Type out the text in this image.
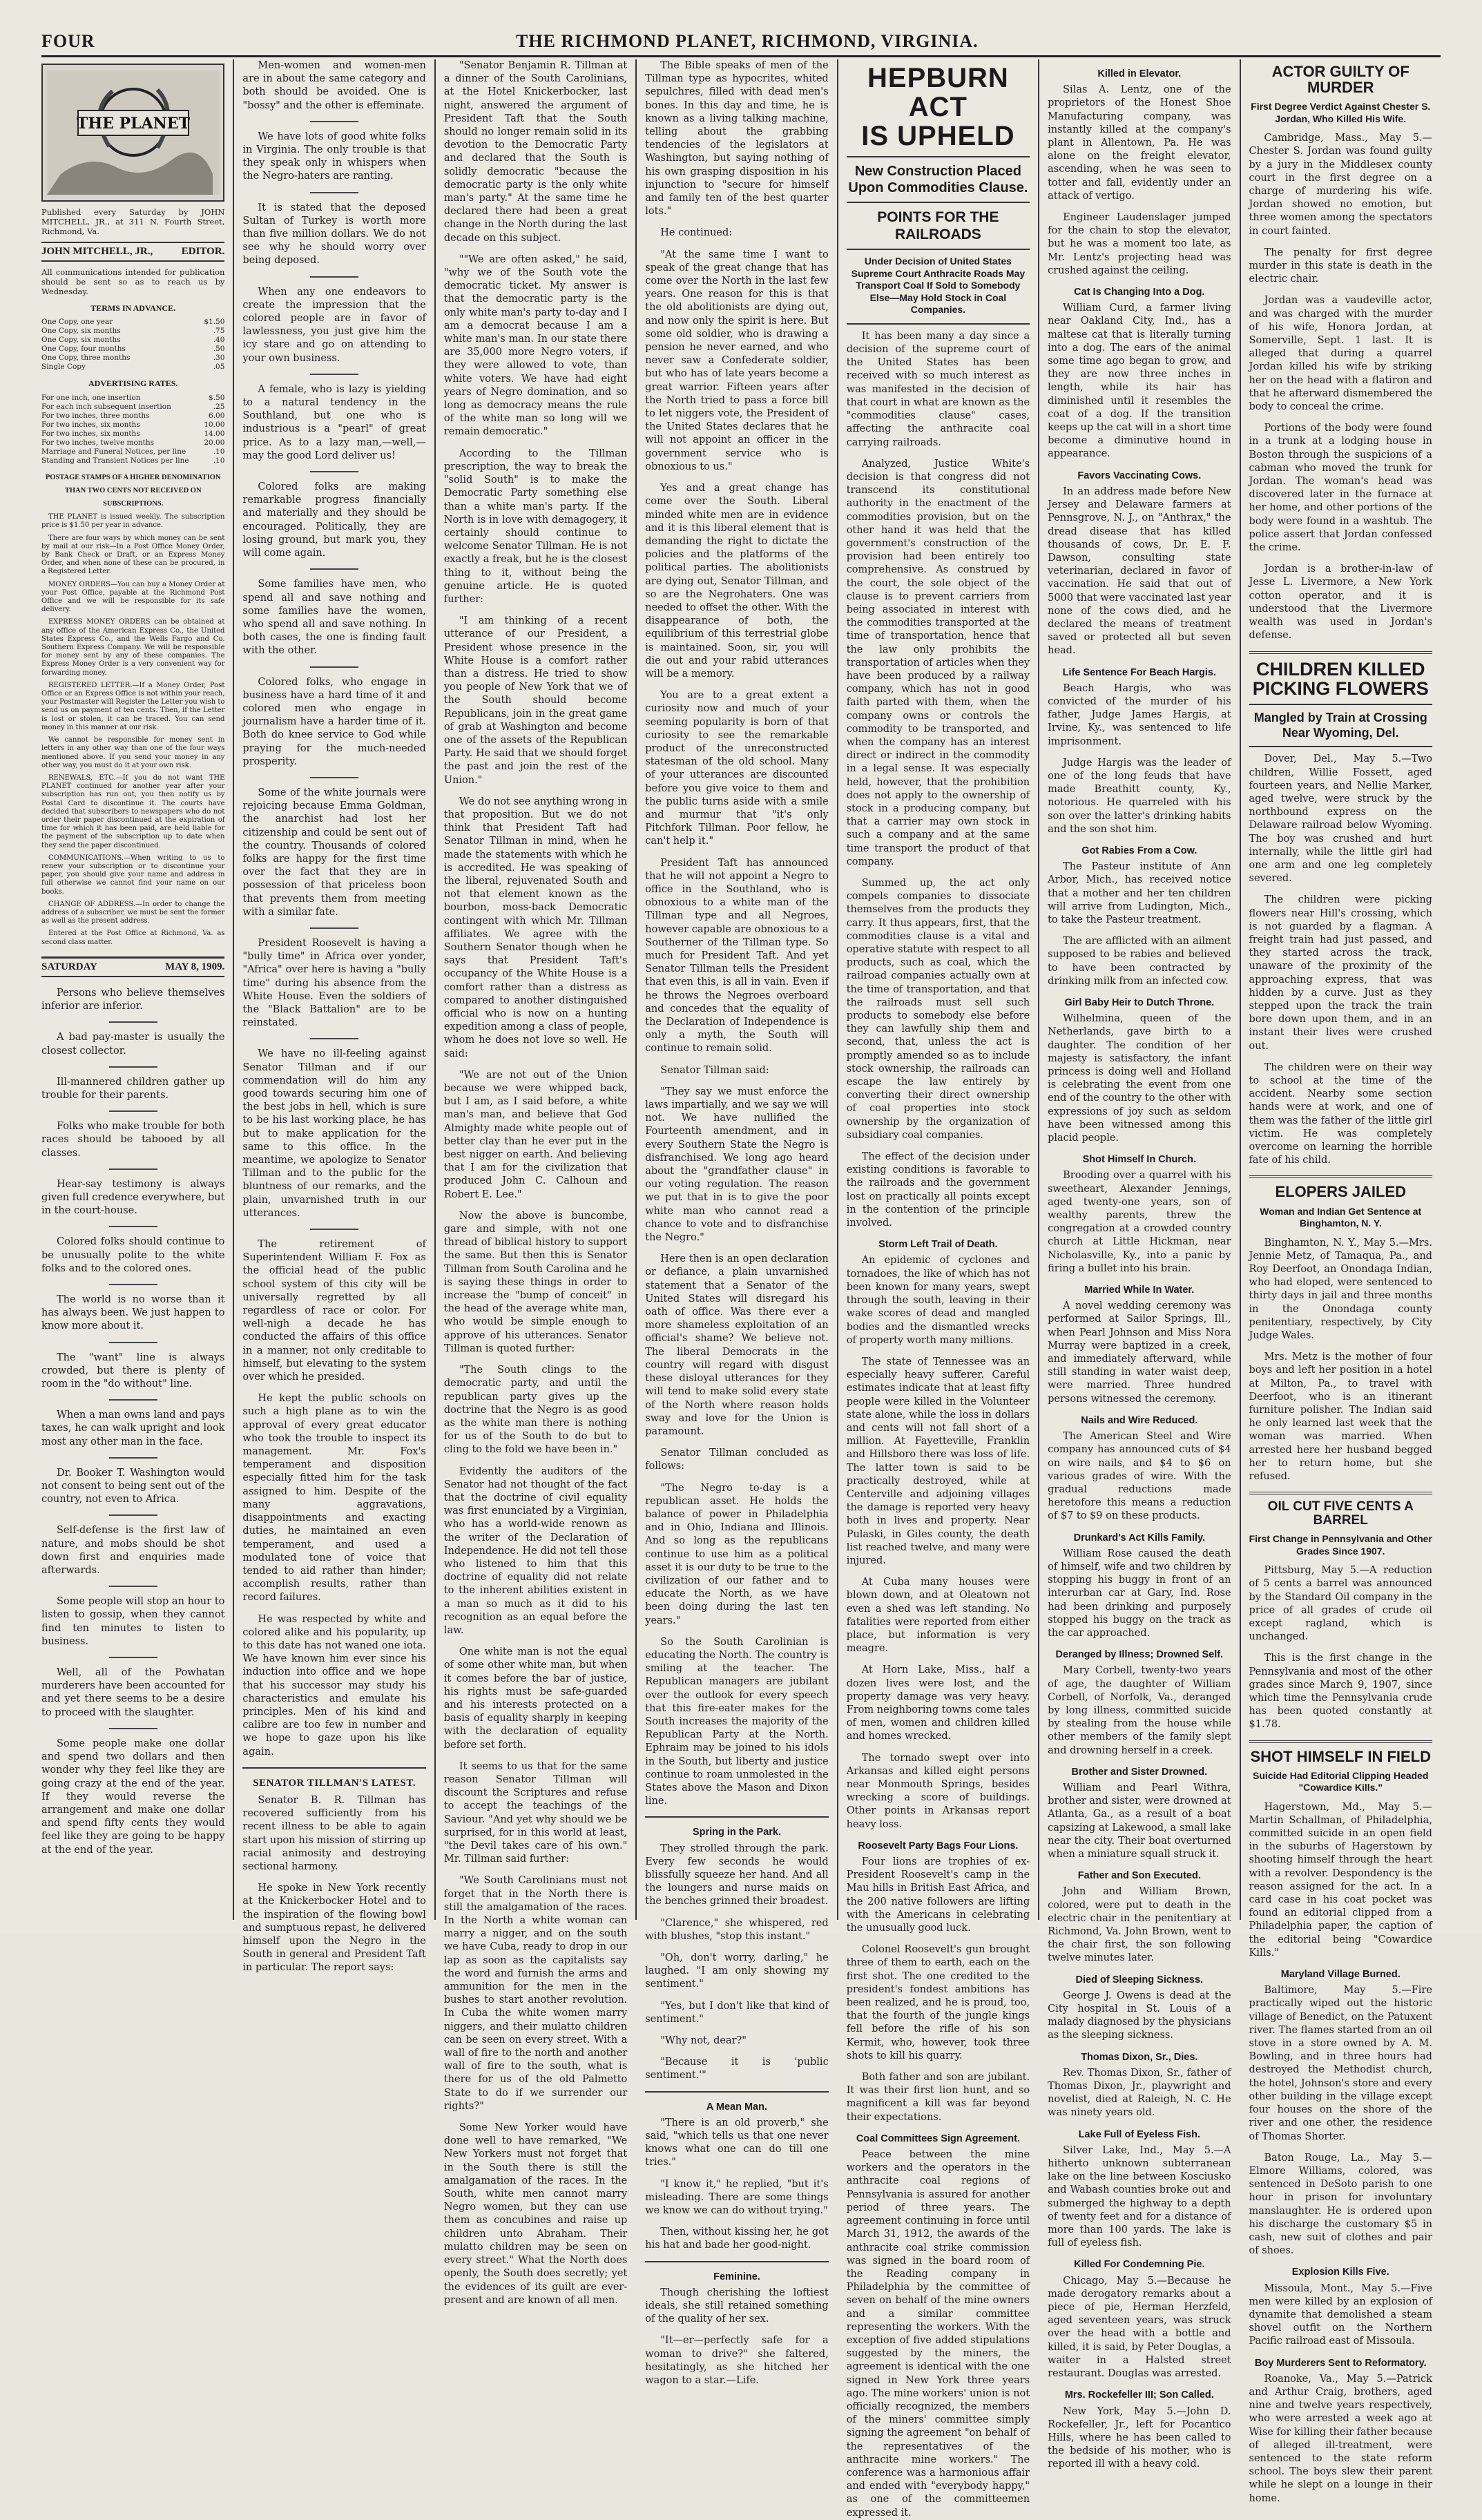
FOUR	THE RICHMOND PLANET, RICHMOND, VIRGINIA.
THE PLANET
Published every Saturday by JOHN MITCHELL, JR., at 311 N. Fourth Street, Richmond, Va.
JOHN MITCHELL, JR.,	EDITOR.
All communications intended for publication should be sent so as to reach us by Wednesday.
TERMS IN ADVANCE.
One Copy, one year	$1.50
One Copy, six months	.75
One Copy, six months	.40
One Copy, four months	.50
One Copy, three months	.30
Single Copy	.05
ADVERTISING RATES.
For one inch, one insertion	$.50
For each inch subsequent insertion	.25
For two inches, three months	6.00
For two inches, six months	10.00
For two inches, six months	14.00
For two inches, twelve months	20.00
Marriage and Funeral Notices, per line	.10
Standing and Transient Notices per line	.10
POSTAGE STAMPS OF A HIGHER DENOMINATION THAN TWO CENTS NOT RECEIVED ON SUBSCRIPTIONS.

THE PLANET is issued weekly. The subscription price is $1.50 per year in advance.

There are four ways by which money can be sent by mail at our risk—In a Post Office Money Order, by Bank Check or Draft, or an Express Money Order, and when none of these can be procured, in a Registered Letter.

MONEY ORDERS—You can buy a Money Order at your Post Office, payable at the Richmond Post Office and we will be responsible for its safe delivery.

EXPRESS MONEY ORDERS can be obtained at any office of the American Express Co., the United States Express Co., and the Wells Fargo and Co. Southern Express Company. We will be responsible for money sent by any of these companies. The Express Money Order is a very convenient way for forwarding money.

REGISTERED LETTER.—If a Money Order, Post Office or an Express Office is not within your reach, your Postmaster will Register the Letter you wish to send us on payment of ten cents. Then, if the Letter is lost or stolen, it can be traced. You can send money in this manner at our risk.

We cannot be responsible for money sent in letters in any other way than one of the four ways mentioned above. If you send your money in any other way, you must do it at your own risk.

RENEWALS, ETC.—If you do not want THE PLANET continued for another year after your subscription has run out, you then notify us by Postal Card to discontinue it. The courts have decided that subscribers to newspapers who do not order their paper discontinued at the expiration of time for which it has been paid, are held liable for the payment of the subscription up to date when they send the paper discontinued.

COMMUNICATIONS.—When writing to us to renew your subscription or to discontinue your paper, you should give your name and address in full otherwise we cannot find your name on our books.

CHANGE OF ADDRESS.—In order to change the address of a subscriber, we must be sent the former as well as the present address.

Entered at the Post Office at Richmond, Va. as second class matter.

SATURDAY	MAY 8, 1909.

Persons who believe themselves inferior are inferior.

A bad pay-master is usually the closest collector.

Ill-mannered children gather up trouble for their parents.

Folks who make trouble for both races should be tabooed by all classes.

Hear-say testimony is always given full credence everywhere, but in the court-house.

Colored folks should continue to be unusually polite to the white folks and to the colored ones.

The world is no worse than it has always been. We just happen to know more about it.

The "want" line is always crowded, but there is plenty of room in the "do without" line.

When a man owns land and pays taxes, he can walk upright and look most any other man in the face.

Dr. Booker T. Washington would not consent to being sent out of the country, not even to Africa.

Self-defense is the first law of nature, and mobs should be shot down first and enquiries made afterwards.

Some people will stop an hour to listen to gossip, when they cannot find ten minutes to listen to business.

Well, all of the Powhatan murderers have been accounted for and yet there seems to be a desire to proceed with the slaughter.

Some people make one dollar and spend two dollars and then wonder why they feel like they are going crazy at the end of the year. If they would reverse the arrangement and make one dollar and spend fifty cents they would feel like they are going to be happy at the end of the year.

Men-women and women-men are in about the same category and both should be avoided. One is "bossy" and the other is effeminate.

We have lots of good white folks in Virginia. The only trouble is that they speak only in whispers when the Negro-haters are ranting.

It is stated that the deposed Sultan of Turkey is worth more than five million dollars. We do not see why he should worry over being deposed.

When any one endeavors to create the impression that the colored people are in favor of lawlessness, you just give him the icy stare and go on attending to your own business.

A female, who is lazy is yielding to a natural tendency in the Southland, but one who is industrious is a "pearl" of great price. As to a lazy man,—well,—may the good Lord deliver us!

Colored folks are making remarkable progress financially and materially and they should be encouraged. Politically, they are losing ground, but mark you, they will come again.

Some families have men, who spend all and save nothing and some families have the women, who spend all and save nothing. In both cases, the one is finding fault with the other.

Colored folks, who engage in business have a hard time of it and colored men who engage in journalism have a harder time of it. Both do knee service to God while praying for the much-needed prosperity.

Some of the white journals were rejoicing because Emma Goldman, the anarchist had lost her citizenship and could be sent out of the country. Thousands of colored folks are happy for the first time over the fact that they are in possession of that priceless boon that prevents them from meeting with a similar fate.

President Roosevelt is having a "bully time" in Africa over yonder, "Africa" over here is having a "bully time" during his absence from the White House. Even the soldiers of the "Black Battalion" are to be reinstated.

We have no ill-feeling against Senator Tillman and if our commendation will do him any good towards securing him one of the best jobs in hell, which is sure to be his last working place, he has but to make application for the same to this office. In the meantime, we apologize to Senator Tillman and to the public for the bluntness of our remarks, and the plain, unvarnished truth in our utterances.

The retirement of Superintendent William F. Fox as the official head of the public school system of this city will be universally regretted by all regardless of race or color. For well-nigh a decade he has conducted the affairs of this office in a manner, not only creditable to himself, but elevating to the system over which he presided.

He kept the public schools on such a high plane as to win the approval of every great educator who took the trouble to inspect its management. Mr. Fox's temperament and disposition especially fitted him for the task assigned to him. Despite of the many aggravations, disappointments and exacting duties, he maintained an even temperament, and used a modulated tone of voice that tended to aid rather than hinder; accomplish results, rather than record failures.

He was respected by white and colored alike and his popularity, up to this date has not waned one iota. We have known him ever since his induction into office and we hope that his successor may study his characteristics and emulate his principles. Men of his kind and calibre are too few in number and we hope to gaze upon his like again.

SENATOR TILLMAN'S LATEST.

Senator B. R. Tillman has recovered sufficiently from his recent illness to be able to again start upon his mission of stirring up racial animosity and destroying sectional harmony.

He spoke in New York recently at the Knickerbocker Hotel and to the inspiration of the flowing bowl and sumptuous repast, he delivered himself upon the Negro in the South in general and President Taft in particular. The report says:

"Senator Benjamin R. Tillman at a dinner of the South Carolinians, at the Hotel Knickerbocker, last night, answered the argument of President Taft that the South should no longer remain solid in its devotion to the Democratic Party and declared that the South is solidly democratic "because the democratic party is the only white man's party." At the same time he declared there had been a great change in the North during the last decade on this subject.

""We are often asked," he said, "why we of the South vote the democratic ticket. My answer is that the democratic party is the only white man's party to-day and I am a democrat because I am a white man's man. In our state there are 35,000 more Negro voters, if they were allowed to vote, than white voters. We have had eight years of Negro domination, and so long as democracy means the rule of the white man so long will we remain democratic."

According to the Tillman prescription, the way to break the "solid South" is to make the Democratic Party something else than a white man's party. If the North is in love with demagogery, it certainly should continue to welcome Senator Tillman. He is not exactly a freak, but he is the closest thing to it, without being the genuine article. He is quoted further:

"I am thinking of a recent utterance of our President, a President whose presence in the White House is a comfort rather than a distress. He tried to show you people of New York that we of the South should become Republicans, join in the great game of grab at Washington and become one of the assets of the Republican Party. He said that we should forget the past and join the rest of the Union."

We do not see anything wrong in that proposition. But we do not think that President Taft had Senator Tillman in mind, when he made the statements with which he is accredited. He was speaking of the liberal, rejuvenated South and not that element known as the bourbon, moss-back Democratic contingent with which Mr. Tillman affiliates. We agree with the Southern Senator though when he says that President Taft's occupancy of the White House is a comfort rather than a distress as compared to another distinguished official who is now on a hunting expedition among a class of people, whom he does not love so well. He said:

"We are not out of the Union because we were whipped back, but I am, as I said before, a white man's man, and believe that God Almighty made white people out of better clay than he ever put in the best nigger on earth. And believing that I am for the civilization that produced John C. Calhoun and Robert E. Lee."

Now the above is buncombe, gare and simple, with not one thread of biblical history to support the same. But then this is Senator Tillman from South Carolina and he is saying these things in order to increase the "bump of conceit" in the head of the average white man, who would be simple enough to approve of his utterances. Senator Tillman is quoted further:

"The South clings to the democratic party, and until the republican party gives up the doctrine that the Negro is as good as the white man there is nothing for us of the South to do but to cling to the fold we have been in."

Evidently the auditors of the Senator had not thought of the fact that the doctrine of civil equality was first enunciated by a Virginian, who has a world-wide renown as the writer of the Declaration of Independence. He did not tell those who listened to him that this doctrine of equality did not relate to the inherent abilities existent in a man so much as it did to his recognition as an equal before the law.

One white man is not the equal of some other white man, but when it comes before the bar of justice, his rights must be safe-guarded and his interests protected on a basis of equality sharply in keeping with the declaration of equality before set forth.

It seems to us that for the same reason Senator Tillman will discount the Scriptures and refuse to accept the teachings of the Saviour. "And yet why should we be surprised, for in this world at least, "the Devil takes care of his own." Mr. Tillman said further:

"We South Carolinians must not forget that in the North there is still the amalgamation of the races. In the North a white woman can marry a nigger, and on the south we have Cuba, ready to drop in our lap as soon as the capitalists say the word and furnish the arms and ammunition for the men in the bushes to start another revolution. In Cuba the white women marry niggers, and their mulatto children can be seen on every street. With a wall of fire to the north and another wall of fire to the south, what is there for us of the old Palmetto State to do if we surrender our rights?"

Some New Yorker would have done well to have remarked, "We New Yorkers must not forget that in the South there is still the amalgamation of the races. In the South, white men cannot marry Negro women, but they can use them as concubines and raise up children unto Abraham. Their mulatto children may be seen on every street." What the North does openly, the South does secretly; yet the evidences of its guilt are ever-present and are known of all men.

The Bible speaks of men of the Tillman type as hypocrites, whited sepulchres, filled with dead men's bones. In this day and time, he is known as a living talking machine, telling about the grabbing tendencies of the legislators at Washington, but saying nothing of his own grasping disposition in his injunction to "secure for himself and family ten of the best quarter lots."

He continued:

"At the same time I want to speak of the great change that has come over the North in the last few years. One reason for this is that the old abolitionists are dying out, and now only the spirit is here. But some old soldier, who is drawing a pension he never earned, and who never saw a Confederate soldier, but who has of late years become a great warrior. Fifteen years after the North tried to pass a force bill to let niggers vote, the President of the United States declares that he will not appoint an officer in the government service who is obnoxious to us."

Yes and a great change has come over the South. Liberal minded white men are in evidence and it is this liberal element that is demanding the right to dictate the policies and the platforms of the political parties. The abolitionists are dying out, Senator Tillman, and so are the Negrohaters. One was needed to offset the other. With the disappearance of both, the equilibrium of this terrestrial globe is maintained. Soon, sir, you will die out and your rabid utterances will be a memory.

You are to a great extent a curiosity now and much of your seeming popularity is born of that curiosity to see the remarkable product of the unreconstructed statesman of the old school. Many of your utterances are discounted before you give voice to them and the public turns aside with a smile and murmur that "it's only Pitchfork Tillman. Poor fellow, he can't help it."

President Taft has announced that he will not appoint a Negro to office in the Southland, who is obnoxious to a white man of the Tillman type and all Negroes, however capable are obnoxious to a Southerner of the Tillman type. So much for President Taft. And yet Senator Tillman tells the President that even this, is all in vain. Even if he throws the Negroes overboard and concedes that the equality of the Declaration of Independence is only a myth, the South will continue to remain solid.

Senator Tillman said:

"They say we must enforce the laws impartially, and we say we will not. We have nullified the Fourteenth amendment, and in every Southern State the Negro is disfranchised. We long ago heard about the "grandfather clause" in our voting regulation. The reason we put that in is to give the poor white man who cannot read a chance to vote and to disfranchise the Negro."

Here then is an open declaration or defiance, a plain unvarnished statement that a Senator of the United States will disregard his oath of office. Was there ever a more shameless exploitation of an official's shame? We believe not. The liberal Democrats in the country will regard with disgust these disloyal utterances for they will tend to make solid every state of the North where reason holds sway and love for the Union is paramount.

Senator Tillman concluded as follows:

"The Negro to-day is a republican asset. He holds the balance of power in Philadelphia and in Ohio, Indiana and Illinois. And so long as the republicans continue to use him as a political asset it is our duty to be true to the civilization of our father and to educate the North, as we have been doing during the last ten years."

So the South Carolinian is educating the North. The country is smiling at the teacher. The Republican managers are jubilant over the outlook for every speech that this fire-eater makes for the South increases the majority of the Republican Party at the North. Ephraim may be joined to his idols in the South, but liberty and justice continue to roam unmolested in the States above the Mason and Dixon line.

Spring in the Park.

They strolled through the park. Every few seconds he would blissfully squeeze her hand. And all the loungers and nurse maids on the benches grinned their broadest.

"Clarence," she whispered, red with blushes, "stop this instant."

"Oh, don't worry, darling," he laughed. "I am only showing my sentiment."

"Yes, but I don't like that kind of sentiment."

"Why not, dear?"

"Because it is 'public sentiment.'"

A Mean Man.

"There is an old proverb," she said, "which tells us that one never knows what one can do till one tries."

"I know it," he replied, "but it's misleading. There are some things we know we can do without trying."

Then, without kissing her, he got his hat and bade her good-night.

Feminine.

Though cherishing the loftiest ideals, she still retained something of the quality of her sex.

"It—er—perfectly safe for a woman to drive?" she faltered, hesitatingly, as she hitched her wagon to a star.—Life.

HEPBURN ACT
IS UPHELD
New Construction Placed Upon Commodities Clause.
POINTS FOR THE RAILROADS
Under Decision of United States Supreme Court Anthracite Roads May Transport Coal If Sold to Somebody Else—May Hold Stock in Coal Companies.

It has been many a day since a decision of the supreme court of the United States has been received with so much interest as was manifested in the decision of that court in what are known as the "commodities clause" cases, affecting the anthracite coal carrying railroads.

Analyzed, Justice White's decision is that congress did not transcend its constitutional authority in the enactment of the commodities provision, but on the other hand it was held that the government's construction of the provision had been entirely too comprehensive. As construed by the court, the sole object of the clause is to prevent carriers from being associated in interest with the commodities transported at the time of transportation, hence that the law only prohibits the transportation of articles when they have been produced by a railway company, which has not in good faith parted with them, when the company owns or controls the commodity to be transported, and when the company has an interest direct or indirect in the commodity in a legal sense. It was especially held, however, that the prohibition does not apply to the ownership of stock in a producing company, but that a carrier may own stock in such a company and at the same time transport the product of that company.

Summed up, the act only compels companies to dissociate themselves from the products they carry. It thus appears, first, that the commodities clause is a vital and operative statute with respect to all products, such as coal, which the railroad companies actually own at the time of transportation, and that the railroads must sell such products to somebody else before they can lawfully ship them and second, that, unless the act is promptly amended so as to include stock ownership, the railroads can escape the law entirely by converting their direct ownership of coal properties into stock ownership by the organization of subsidiary coal companies.

The effect of the decision under existing conditions is favorable to the railroads and the government lost on practically all points except in the contention of the principle involved.

Storm Left Trail of Death.

An epidemic of cyclones and tornadoes, the like of which has not been known for many years, swept through the south, leaving in their wake scores of dead and mangled bodies and the dismantled wrecks of property worth many millions.

The state of Tennessee was an especially heavy sufferer. Careful estimates indicate that at least fifty people were killed in the Volunteer state alone, while the loss in dollars and cents will not fall short of a million. At Fayetteville, Franklin and Hillsboro there was loss of life. The latter town is said to be practically destroyed, while at Centerville and adjoining villages the damage is reported very heavy both in lives and property. Near Pulaski, in Giles county, the death list reached twelve, and many were injured.

At Cuba many houses were blown down, and at Oleatown not even a shed was left standing. No fatalities were reported from either place, but information is very meagre.

At Horn Lake, Miss., half a dozen lives were lost, and the property damage was very heavy. From neighboring towns come tales of men, women and children killed and homes wrecked.

The tornado swept over into Arkansas and killed eight persons near Monmouth Springs, besides wrecking a score of buildings. Other points in Arkansas report heavy loss.

Roosevelt Party Bags Four Lions.

Four lions are trophies of ex-President Roosevelt's camp in the Mau hills in British East Africa, and the 200 native followers are lifting with the Americans in celebrating the unusually good luck.

Colonel Roosevelt's gun brought three of them to earth, each on the first shot. The one credited to the president's fondest ambitions has been realized, and he is proud, too, that the fourth of the jungle kings fell before the rifle of his son Kermit, who, however, took three shots to kill his quarry.

Both father and son are jubilant. It was their first lion hunt, and so magnificent a kill was far beyond their expectations.

Coal Committees Sign Agreement.

Peace between the mine workers and the operators in the anthracite coal regions of Pennsylvania is assured for another period of three years. The agreement continuing in force until March 31, 1912, the awards of the anthracite coal strike commission was signed in the board room of the Reading company in Philadelphia by the committee of seven on behalf of the mine owners and a similar committee representing the workers. With the exception of five added stipulations suggested by the miners, the agreement is identical with the one signed in New York three years ago. The mine workers' union is not officially recognized, the members of the miners' committee simply signing the agreement "on behalf of the representatives of the anthracite mine workers." The conference was a harmonious affair and ended with "everybody happy," as one of the committeemen expressed it.

Killed in Elevator.

Silas A. Lentz, one of the proprietors of the Honest Shoe Manufacturing company, was instantly killed at the company's plant in Allentown, Pa. He was alone on the freight elevator, ascending, when he was seen to totter and fall, evidently under an attack of vertigo.

Engineer Laudenslager jumped for the chain to stop the elevator, but he was a moment too late, as Mr. Lentz's projecting head was crushed against the ceiling.

Cat Is Changing Into a Dog.

William Curd, a farmer living near Oakland City, Ind., has a maltese cat that is literally turning into a dog. The ears of the animal some time ago began to grow, and they are now three inches in length, while its hair has diminished until it resembles the coat of a dog. If the transition keeps up the cat will in a short time become a diminutive hound in appearance.

Favors Vaccinating Cows.

In an address made before New Jersey and Delaware farmers at Pennsgrove, N. J., on "Anthrax," the dread disease that has killed thousands of cows, Dr. E. F. Dawson, consulting state veterinarian, declared in favor of vaccination. He said that out of 5000 that were vaccinated last year none of the cows died, and he declared the means of treatment saved or protected all but seven head.

Life Sentence For Beach Hargis.

Beach Hargis, who was convicted of the murder of his father, Judge James Hargis, at Irvine, Ky., was sentenced to life imprisonment.

Judge Hargis was the leader of one of the long feuds that have made Breathitt county, Ky., notorious. He quarreled with his son over the latter's drinking habits and the son shot him.

Got Rabies From a Cow.

The Pasteur institute of Ann Arbor, Mich., has received notice that a mother and her ten children will arrive from Ludington, Mich., to take the Pasteur treatment.

The are afflicted with an ailment supposed to be rabies and believed to have been contracted by drinking milk from an infected cow.

Girl Baby Heir to Dutch Throne.

Wilhelmina, queen of the Netherlands, gave birth to a daughter. The condition of her majesty is satisfactory, the infant princess is doing well and Holland is celebrating the event from one end of the country to the other with expressions of joy such as seldom have been witnessed among this placid people.

Shot Himself In Church.

Brooding over a quarrel with his sweetheart, Alexander Jennings, aged twenty-one years, son of wealthy parents, threw the congregation at a crowded country church at Little Hickman, near Nicholasville, Ky., into a panic by firing a bullet into his brain.

Married While In Water.

A novel wedding ceremony was performed at Sailor Springs, Ill., when Pearl Johnson and Miss Nora Murray were baptized in a creek, and immediately afterward, while still standing in water waist deep, were married. Three hundred persons witnessed the ceremony.

Nails and Wire Reduced.

The American Steel and Wire company has announced cuts of $4 on wire nails, and $4 to $6 on various grades of wire. With the gradual reductions made heretofore this means a reduction of $7 to $9 on these products.

Drunkard's Act Kills Family.

William Rose caused the death of himself, wife and two children by stopping his buggy in front of an interurban car at Gary, Ind. Rose had been drinking and purposely stopped his buggy on the track as the car approached.

Deranged by Illness; Drowned Self.

Mary Corbell, twenty-two years of age, the daughter of William Corbell, of Norfolk, Va., deranged by long illness, committed suicide by stealing from the house while other members of the family slept and drowning herself in a creek.

Brother and Sister Drowned.

William and Pearl Withra, brother and sister, were drowned at Atlanta, Ga., as a result of a boat capsizing at Lakewood, a small lake near the city. Their boat overturned when a miniature squall struck it.

Father and Son Executed.

John and William Brown, colored, were put to death in the electric chair in the penitentiary at Richmond, Va. John Brown, went to the chair first, the son following twelve minutes later.

Died of Sleeping Sickness.

George J. Owens is dead at the City hospital in St. Louis of a malady diagnosed by the physicians as the sleeping sickness.

Thomas Dixon, Sr., Dies.

Rev. Thomas Dixon, Sr., father of Thomas Dixon, Jr., playwright and novelist, died at Raleigh, N. C. He was ninety years old.

Lake Full of Eyeless Fish.

Silver Lake, Ind., May 5.—A hitherto unknown subterranean lake on the line between Kosciusko and Wabash counties broke out and submerged the highway to a depth of twenty feet and for a distance of more than 100 yards. The lake is full of eyeless fish.

Killed For Condemning Pie.

Chicago, May 5.—Because he made derogatory remarks about a piece of pie, Herman Herzfeld, aged seventeen years, was struck over the head with a bottle and killed, it is said, by Peter Douglas, a waiter in a Halsted street restaurant. Douglas was arrested.

Mrs. Rockefeller III; Son Called.

New York, May 5.—John D. Rockefeller, Jr., left for Pocantico Hills, where he has been called to the bedside of his mother, who is reported ill with a heavy cold.

ACTOR GUILTY OF MURDER
First Degree Verdict Against Chester S. Jordan, Who Killed His Wife.

Cambridge, Mass., May 5.—Chester S. Jordan was found guilty by a jury in the Middlesex county court in the first degree on a charge of murdering his wife. Jordan showed no emotion, but three women among the spectators in court fainted.

The penalty for first degree murder in this state is death in the electric chair.

Jordan was a vaudeville actor, and was charged with the murder of his wife, Honora Jordan, at Somerville, Sept. 1 last. It is alleged that during a quarrel Jordan killed his wife by striking her on the head with a flatiron and that he afterward dismembered the body to conceal the crime.

Portions of the body were found in a trunk at a lodging house in Boston through the suspicions of a cabman who moved the trunk for Jordan. The woman's head was discovered later in the furnace at her home, and other portions of the body were found in a washtub. The police assert that Jordan confessed the crime.

Jordan is a brother-in-law of Jesse L. Livermore, a New York cotton operator, and it is understood that the Livermore wealth was used in Jordan's defense.

CHILDREN KILLED
PICKING FLOWERS
Mangled by Train at Crossing Near Wyoming, Del.

Dover, Del., May 5.—Two children, Willie Fossett, aged fourteen years, and Nellie Marker, aged twelve, were struck by the northbound express on the Delaware railroad below Wyoming. The boy was crushed and hurt internally, while the little girl had one arm and one leg completely severed.

The children were picking flowers near Hill's crossing, which is not guarded by a flagman. A freight train had just passed, and they started across the track, unaware of the proximity of the approaching express, that was hidden by a curve. Just as they stepped upon the track the train bore down upon them, and in an instant their lives were crushed out.

The children were on their way to school at the time of the accident. Nearby some section hands were at work, and one of them was the father of the little girl victim. He was completely overcome on learning the horrible fate of his child.

ELOPERS JAILED
Woman and Indian Get Sentence at Binghamton, N. Y.

Binghamton, N. Y., May 5.—Mrs. Jennie Metz, of Tamaqua, Pa., and Roy Deerfoot, an Onondaga Indian, who had eloped, were sentenced to thirty days in jail and three months in the Onondaga county penitentiary, respectively, by City Judge Wales.

Mrs. Metz is the mother of four boys and left her position in a hotel at Milton, Pa., to travel with Deerfoot, who is an itinerant furniture polisher. The Indian said he only learned last week that the woman was married. When arrested here her husband begged her to return home, but she refused.

OIL CUT FIVE CENTS A BARREL
First Change in Pennsylvania and Other Grades Since 1907.

Pittsburg, May 5.—A reduction of 5 cents a barrel was announced by the Standard Oil company in the price of all grades of crude oil except ragland, which is unchanged.

This is the first change in the Pennsylvania and most of the other grades since March 9, 1907, since which time the Pennsylvania crude has been quoted constantly at $1.78.

SHOT HIMSELF IN FIELD
Suicide Had Editorial Clipping Headed "Cowardice Kills."

Hagerstown, Md., May 5.—Martin Schallman, of Philadelphia, committed suicide in an open field in the suburbs of Hagerstown by shooting himself through the heart with a revolver. Despondency is the reason assigned for the act. In a card case in his coat pocket was found an editorial clipped from a Philadelphia paper, the caption of the editorial being "Cowardice Kills."

Maryland Village Burned.

Baltimore, May 5.—Fire practically wiped out the historic village of Benedict, on the Patuxent river. The flames started from an oil stove in a store owned by A. M. Bowling, and in three hours had destroyed the Methodist church, the hotel, Johnson's store and every other building in the village except four houses on the shore of the river and one other, the residence of Thomas Shorter.

Baton Rouge, La., May 5.—Elmore Williams, colored, was sentenced in DeSoto parish to one hour in prison for involuntary manslaughter. He is ordered upon his discharge the customary $5 in cash, new suit of clothes and pair of shoes.

Explosion Kills Five.

Missoula, Mont., May 5.—Five men were killed by an explosion of dynamite that demolished a steam shovel outfit on the Northern Pacific railroad east of Missoula.

Boy Murderers Sent to Reformatory.

Roanoke, Va., May 5.—Patrick and Arthur Craig, brothers, aged nine and twelve years respectively, who were arrested a week ago at Wise for killing their father because of alleged ill-treatment, were sentenced to the state reform school. The boys slew their parent while he slept on a lounge in their home.
